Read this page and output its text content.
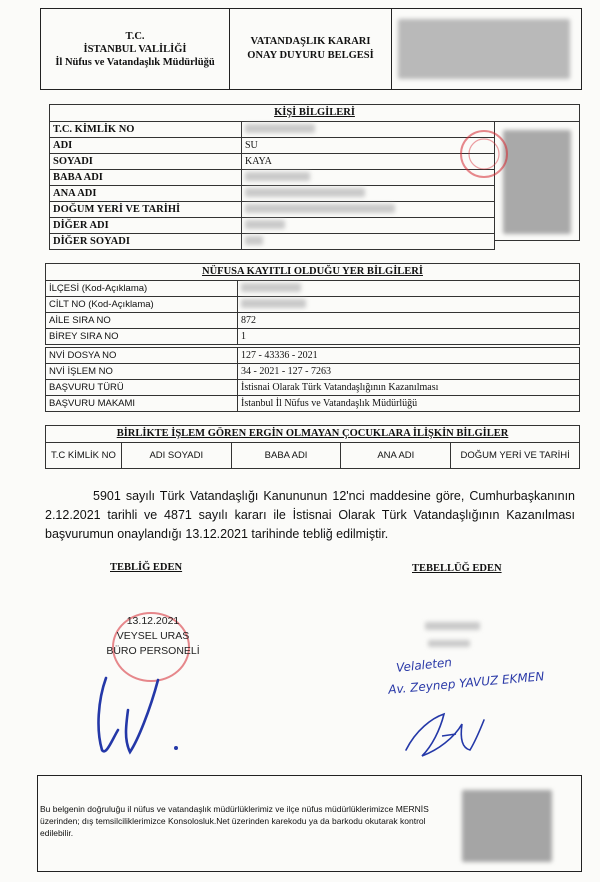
T.C.
İSTANBUL VALİLİĞİ
İl Nüfus ve Vatandaşlık Müdürlüğü
VATANDAŞLIK KARARI
ONAY DUYURU BELGESİ
KİŞİ BİLGİLERİ
T.C. KİMLİK NO	
ADI	SU
SOYADI	KAYA
BABA ADI	
ANA ADI	
DOĞUM YERİ VE TARİHİ	
DİĞER ADI	
DİĞER SOYADI	
NÜFUSA KAYITLI OLDUĞU YER BİLGİLERİ
İLÇESİ (Kod-Açıklama)	
CİLT NO (Kod-Açıklama)	
AİLE SIRA NO	872
BİREY SIRA NO	1

NVİ DOSYA NO	127 - 43336 - 2021
NVİ İŞLEM NO	34 - 2021 - 127 - 7263
BAŞVURU TÜRÜ	İstisnai Olarak Türk Vatandaşlığının Kazanılması
BAŞVURU MAKAMI	İstanbul İl Nüfus ve Vatandaşlık Müdürlüğü
BİRLİKTE İŞLEM GÖREN ERGİN OLMAYAN ÇOCUKLARA İLİŞKİN BİLGİLER
T.C KİMLİK NO	ADI SOYADI	BABA ADI	ANA ADI	DOĞUM YERİ VE TARİHİ
5901 sayılı Türk Vatandaşlığı Kanununun 12'nci maddesine göre, Cumhurbaşkanının 2.12.2021 tarihli ve 4871 sayılı kararı ile İstisnai Olarak Türk Vatandaşlığının Kazanılması başvurumun onaylandığı 13.12.2021 tarihinde tebliğ edilmiştir.
TEBLİĞ EDEN	TEBELLÜĞ EDEN
13.12.2021
VEYSEL URAS
BÜRO PERSONELİ
Velaleten
Av. Zeynep YAVUZ EKMEN
Bu belgenin doğruluğu il nüfus ve vatandaşlık müdürlüklerimiz ve ilçe nüfus müdürlüklerimizce MERNİS üzerinden; dış temsilciliklerimizce Konsolosluk.Net üzerinden karekodu ya da barkodu okutarak kontrol edilebilir.
